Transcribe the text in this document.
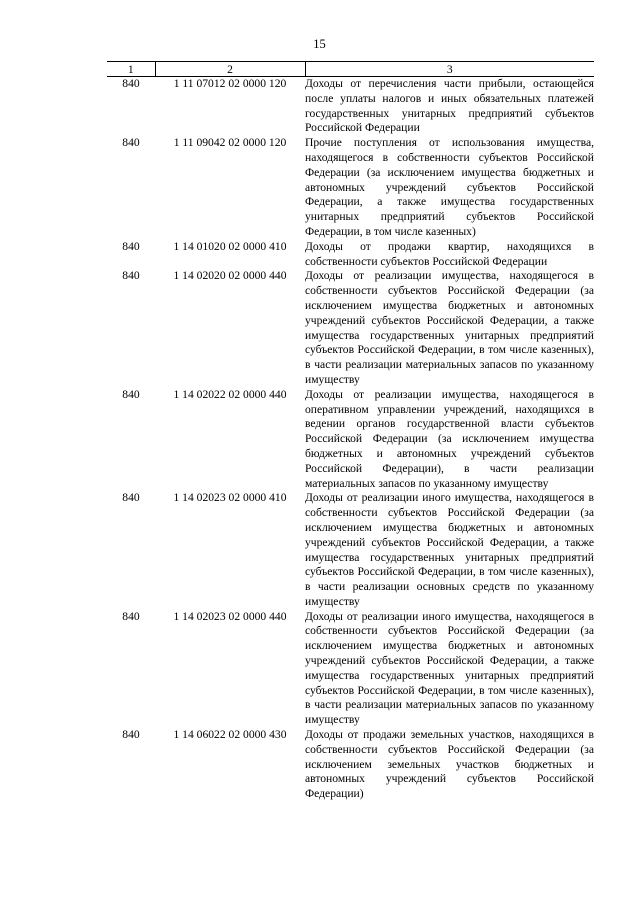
15
1	2	3
840	1 11 07012 02 0000 120	Доходы от перечисления части прибыли, остающейся после уплаты налогов и иных обязательных платежей государственных унитарных предприятий субъектов Российской Федерации
840	1 11 09042 02 0000 120	Прочие поступления от использования имущества, находящегося в собственности субъектов Российской Федерации (за исключением имущества бюджетных и автономных учреждений субъектов Российской Федерации, а также имущества государственных унитарных предприятий субъектов Российской Федерации, в том числе казенных)
840	1 14 01020 02 0000 410	Доходы от продажи квартир, находящихся в собственности субъектов Российской Федерации
840	1 14 02020 02 0000 440	Доходы от реализации имущества, находящегося в собственности субъектов Российской Федерации (за исключением имущества бюджетных и автономных учреждений субъектов Российской Федерации, а также имущества государственных унитарных предприятий субъектов Российской Федерации, в том числе казенных), в части реализации материальных запасов по указанному имуществу
840	1 14 02022 02 0000 440	Доходы от реализации имущества, находящегося в оперативном управлении учреждений, находящихся в ведении органов государственной власти субъектов Российской Федерации (за исключением имущества бюджетных и автономных учреждений субъектов Российской Федерации), в части реализации материальных запасов по указанному имуществу
840	1 14 02023 02 0000 410	Доходы от реализации иного имущества, находящегося в собственности субъектов Российской Федерации (за исключением имущества бюджетных и автономных учреждений субъектов Российской Федерации, а также имущества государственных унитарных предприятий субъектов Российской Федерации, в том числе казенных), в части реализации основных средств по указанному имуществу
840	1 14 02023 02 0000 440	Доходы от реализации иного имущества, находящегося в собственности субъектов Российской Федерации (за исключением имущества бюджетных и автономных учреждений субъектов Российской Федерации, а также имущества государственных унитарных предприятий субъектов Российской Федерации, в том числе казенных), в части реализации материальных запасов по указанному имуществу
840	1 14 06022 02 0000 430	Доходы от продажи земельных участков, находящихся в собственности субъектов Российской Федерации (за исключением земельных участков бюджетных и автономных учреждений субъектов Российской Федерации)
